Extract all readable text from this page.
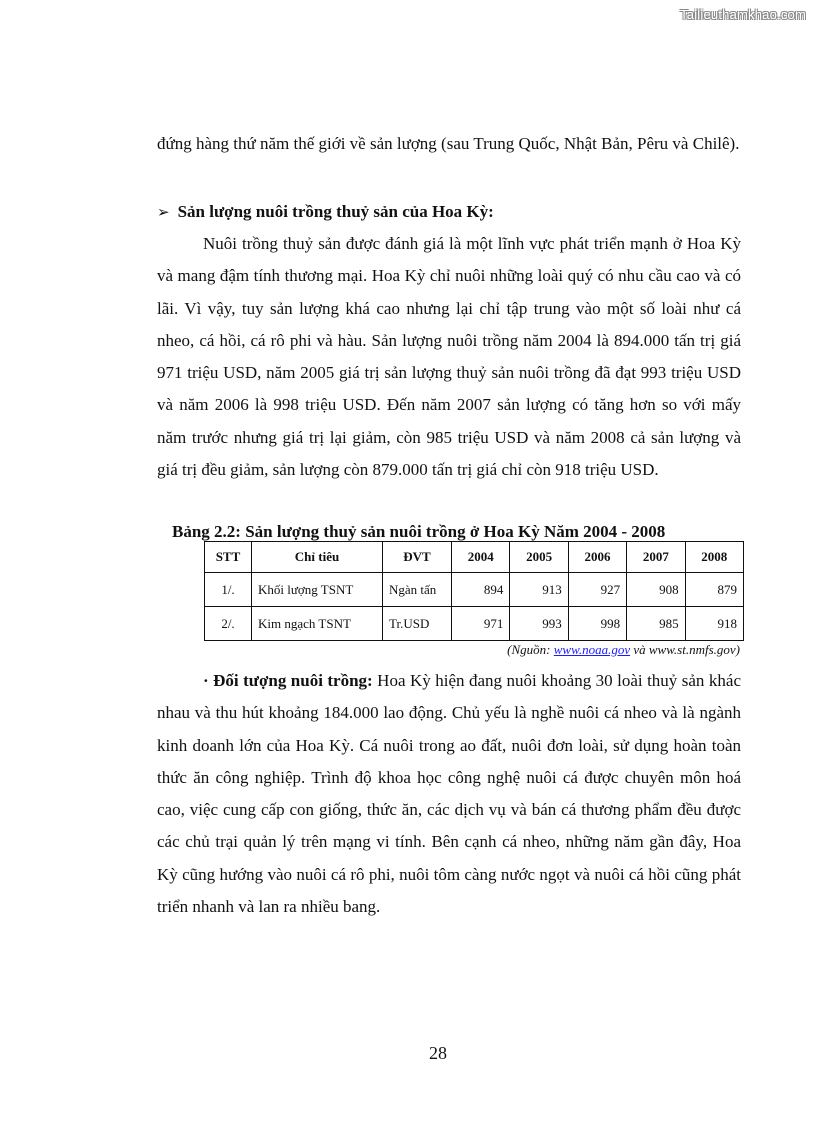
Tailieuthamkhao.com

đứng hàng thứ năm thế giới về sản lượng (sau Trung Quốc, Nhật Bản, Pêru và Chilê).

➢ Sản lượng nuôi trồng thuỷ sản của Hoa Kỳ:

Nuôi trồng thuỷ sản được đánh giá là một lĩnh vực phát triển mạnh ở Hoa Kỳ và mang đậm tính thương mại. Hoa Kỳ chỉ nuôi những loài quý có nhu cầu cao và có lãi. Vì vậy, tuy sản lượng khá cao nhưng lại chỉ tập trung vào một số loài như cá nheo, cá hồi, cá rô phi và hàu. Sản lượng nuôi trồng năm 2004 là 894.000 tấn trị giá 971 triệu USD, năm 2005 giá trị sản lượng thuỷ sản nuôi trồng đã đạt 993 triệu USD và năm 2006 là 998 triệu USD. Đến năm 2007 sản lượng có tăng hơn so với mấy năm trước nhưng giá trị lại giảm, còn 985 triệu USD và năm 2008 cả sản lượng và giá trị đều giảm, sản lượng còn 879.000 tấn trị giá chỉ còn 918 triệu USD.

Bảng 2.2: Sản lượng thuỷ sản nuôi trồng ở Hoa Kỳ Năm 2004 - 2008
STT	Chỉ tiêu	ĐVT	2004	2005	2006	2007	2008
1/.	Khối lượng TSNT	Ngàn tấn	894	913	927	908	879
2/.	Kim ngạch TSNT	Tr.USD	971	993	998	985	918
(Nguồn: www.noaa.gov và www.st.nmfs.gov)

· Đối tượng nuôi trồng: Hoa Kỳ hiện đang nuôi khoảng 30 loài thuỷ sản khác nhau và thu hút khoảng 184.000 lao động. Chủ yếu là nghề nuôi cá nheo và là ngành kinh doanh lớn của Hoa Kỳ. Cá nuôi trong ao đất, nuôi đơn loài, sử dụng hoàn toàn thức ăn công nghiệp. Trình độ khoa học công nghệ nuôi cá được chuyên môn hoá cao, việc cung cấp con giống, thức ăn, các dịch vụ và bán cá thương phẩm đều được các chủ trại quản lý trên mạng vi tính. Bên cạnh cá nheo, những năm gần đây, Hoa Kỳ cũng hướng vào nuôi cá rô phi, nuôi tôm càng nước ngọt và nuôi cá hồi cũng phát triển nhanh và lan ra nhiều bang.

28
